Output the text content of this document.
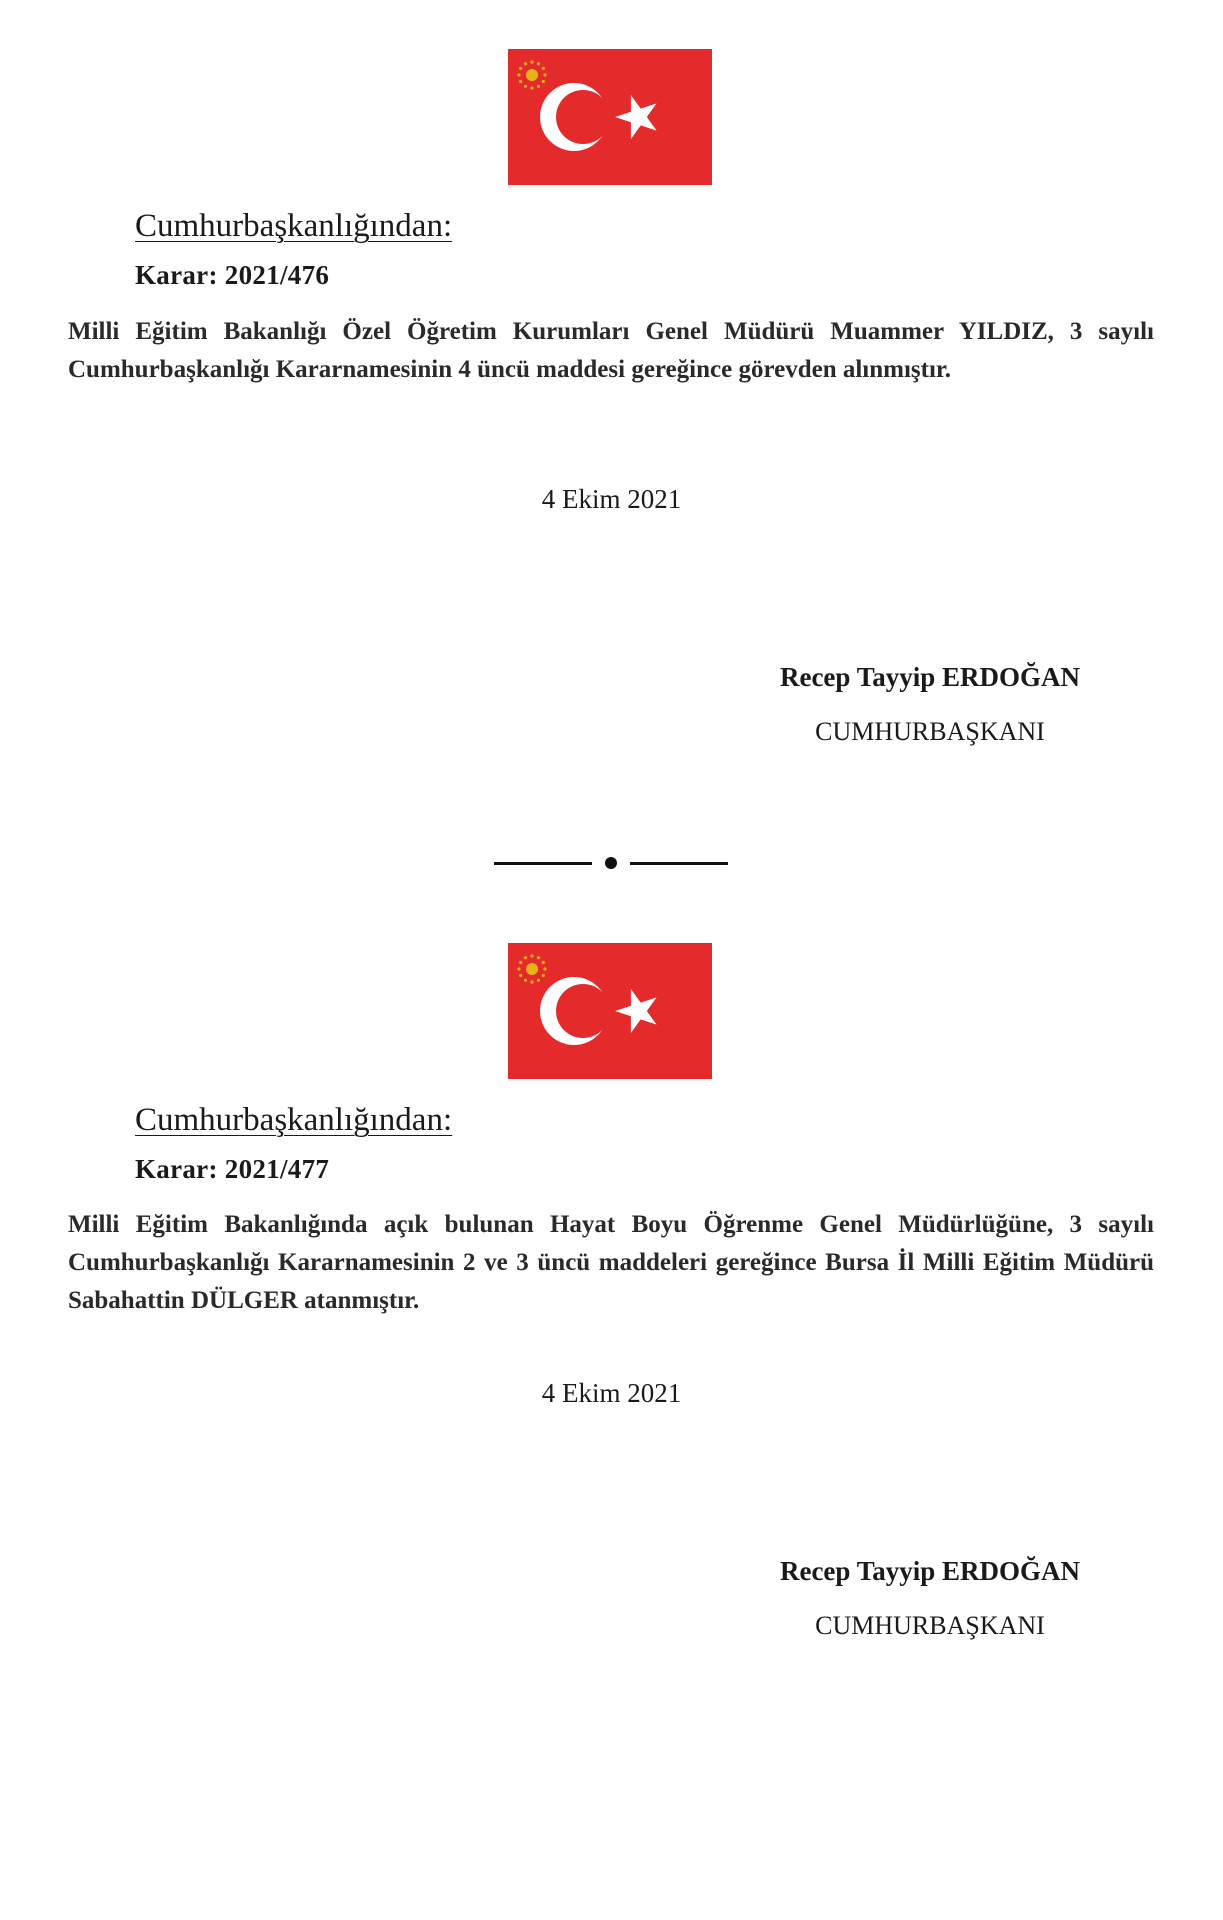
Cumhurbaşkanlığından:
Karar: 2021/476
Milli Eğitim Bakanlığı Özel Öğretim Kurumları Genel Müdürü Muammer YILDIZ, 3 sayılı Cumhurbaşkanlığı Kararnamesinin 4 üncü maddesi gereğince görevden alınmıştır.
4 Ekim 2021
Recep Tayyip ERDOĞAN
CUMHURBAŞKANI
Cumhurbaşkanlığından:
Karar: 2021/477
Milli Eğitim Bakanlığında açık bulunan Hayat Boyu Öğrenme Genel Müdürlüğüne, 3 sayılı Cumhurbaşkanlığı Kararnamesinin 2 ve 3 üncü maddeleri gereğince Bursa İl Milli Eğitim Müdürü Sabahattin DÜLGER atanmıştır.
4 Ekim 2021
Recep Tayyip ERDOĞAN
CUMHURBAŞKANI
